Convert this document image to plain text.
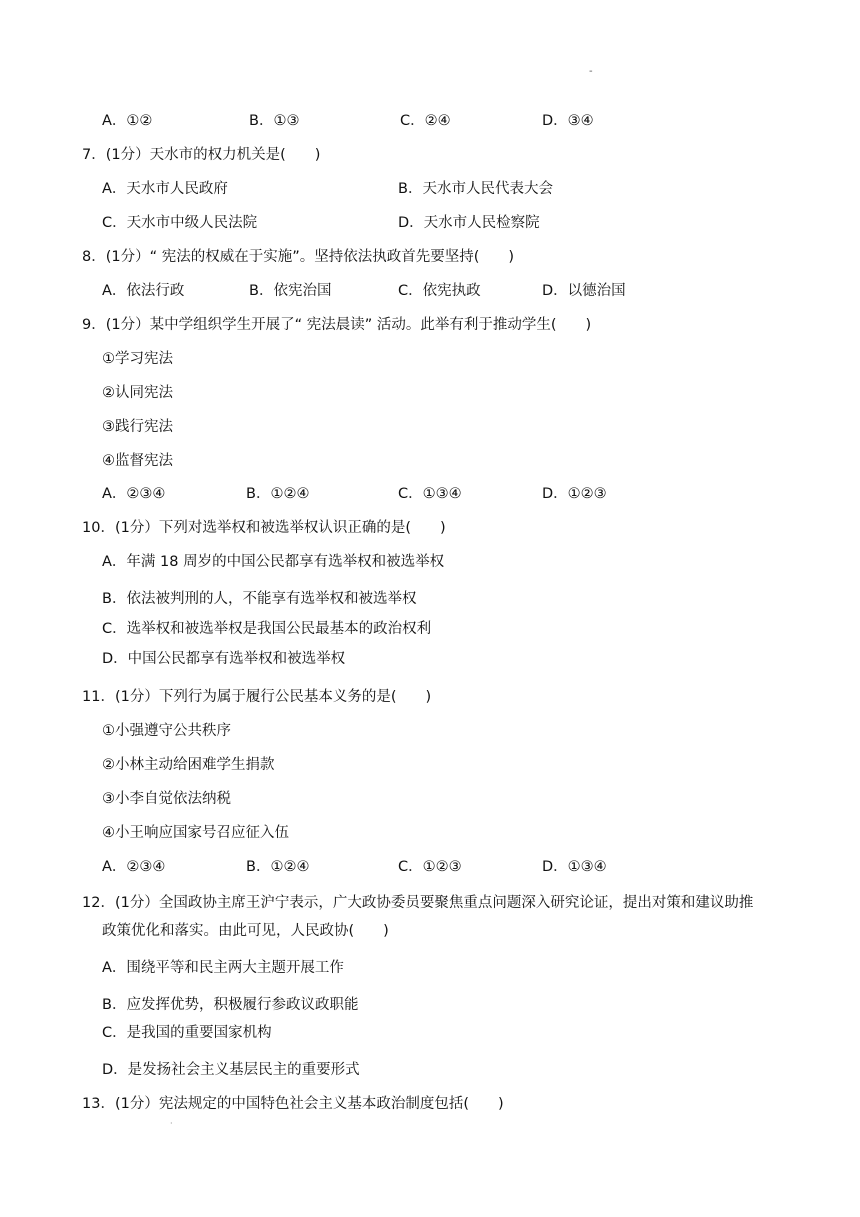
-
A．①②	B．①③	C．②④	D．③④
7．(1分）天水市的权力机关是(　　)
A．天水市人民政府	B．天水市人民代表大会
C．天水市中级人民法院	D．天水市人民检察院
8．(1分）“ 宪法的权威在于实施”。坚持依法执政首先要坚持(　　)
A．依法行政	B．依宪治国	C．依宪执政	D．以德治国
9．(1分）某中学组织学生开展了“ 宪法晨读” 活动。此举有利于推动学生(　　)
①学习宪法
②认同宪法
③践行宪法
④监督宪法
A．②③④	B．①②④	C．①③④	D．①②③
10．(1分）下列对选举权和被选举权认识正确的是(　　)
A．年满 18 周岁的中国公民都享有选举权和被选举权
B．依法被判刑的人，不能享有选举权和被选举权
C．选举权和被选举权是我国公民最基本的政治权利
D．中国公民都享有选举权和被选举权
11．(1分）下列行为属于履行公民基本义务的是(　　)
①小强遵守公共秩序
②小林主动给困难学生捐款
③小李自觉依法纳税
④小王响应国家号召应征入伍
A．②③④	B．①②④	C．①②③	D．①③④
12．(1分）全国政协主席王沪宁表示，广大政协委员要聚焦重点问题深入研究论证，提出对策和建议助推
政策优化和落实。由此可见，人民政协(　　)
A．围绕平等和民主两大主题开展工作
B．应发挥优势，积极履行参政议政职能
C．是我国的重要国家机构
D．是发扬社会主义基层民主的重要形式
13．(1分）宪法规定的中国特色社会主义基本政治制度包括(　　)
·
